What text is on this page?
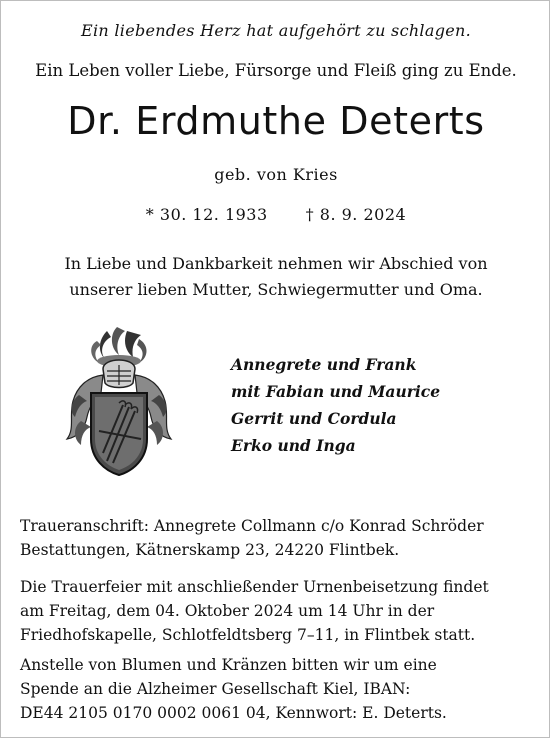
Ein liebendes Herz hat aufgehört zu schlagen.
Ein Leben voller Liebe, Fürsorge und Fleiß ging zu Ende.
Dr. Erdmuthe Deterts
geb. von Kries
* 30. 12. 1933 † 8. 9. 2024
In Liebe und Dankbarkeit nehmen wir Abschied von
unserer lieben Mutter, Schwiegermutter und Oma.
Annegrete und Frank
mit Fabian und Maurice
Gerrit und Cordula
Erko und Inga
Traueranschrift: Annegrete Collmann c/o Konrad Schröder
Bestattungen, Kätnerskamp 23, 24220 Flintbek.
Die Trauerfeier mit anschließender Urnenbeisetzung findet
am Freitag, dem 04. Oktober 2024 um 14 Uhr in der
Friedhofskapelle, Schlotfeldtsberg 7–11, in Flintbek statt.
Anstelle von Blumen und Kränzen bitten wir um eine
Spende an die Alzheimer Gesellschaft Kiel, IBAN:
DE44 2105 0170 0002 0061 04, Kennwort: E. Deterts.
